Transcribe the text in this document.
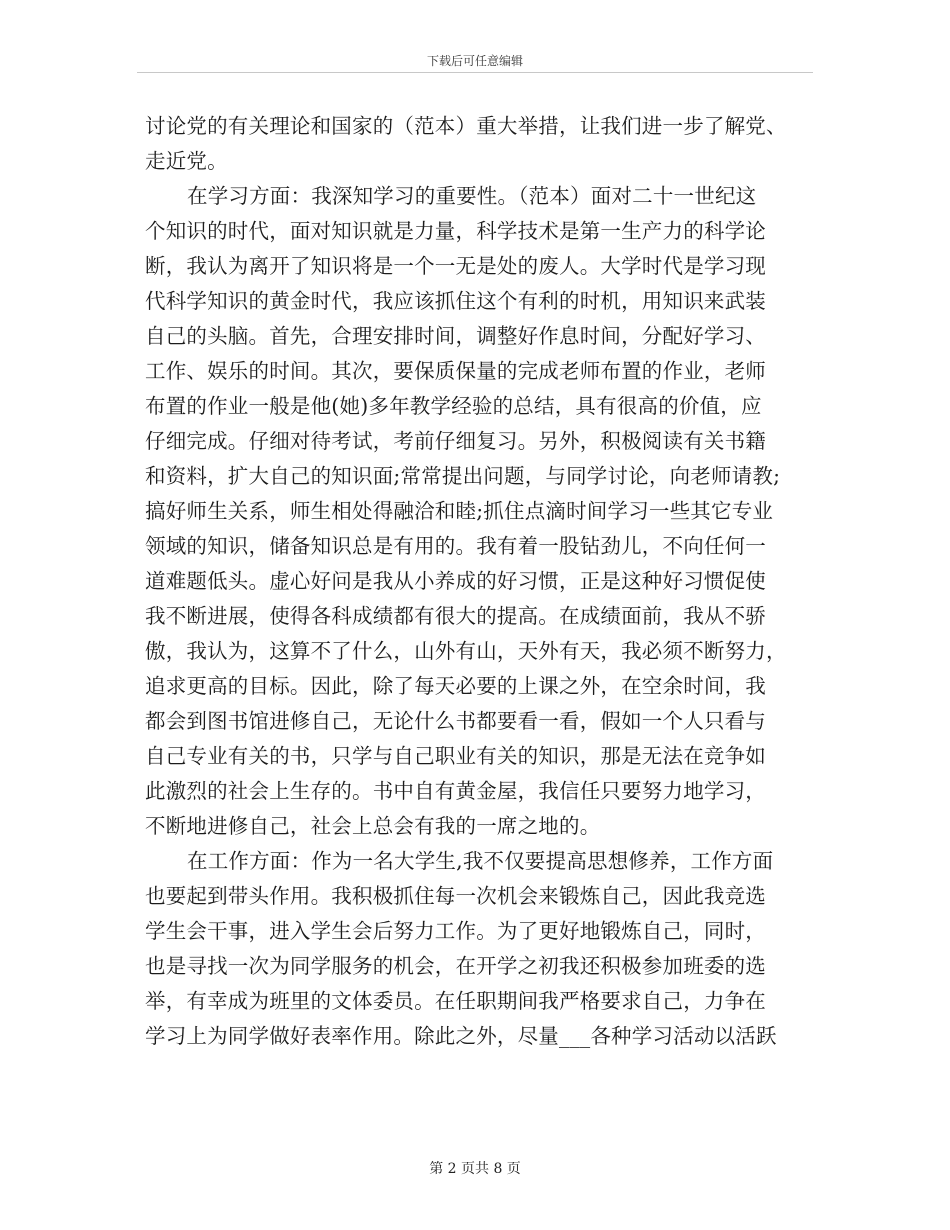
下载后可任意编辑
讨论党的有关理论和国家的（范本）重大举措，让我们进一步了解党、
走近党。
在学习方面：我深知学习的重要性。（范本）面对二十一世纪这
个知识的时代，面对知识就是力量，科学技术是第一生产力的科学论
断，我认为离开了知识将是一个一无是处的废人。大学时代是学习现
代科学知识的黄金时代，我应该抓住这个有利的时机，用知识来武装
自己的头脑。首先，合理安排时间，调整好作息时间，分配好学习、
工作、娱乐的时间。其次，要保质保量的完成老师布置的作业，老师
布置的作业一般是他(她)多年教学经验的总结，具有很高的价值，应
仔细完成。仔细对待考试，考前仔细复习。另外，积极阅读有关书籍
和资料，扩大自己的知识面;常常提出问题，与同学讨论，向老师请教;
搞好师生关系，师生相处得融洽和睦;抓住点滴时间学习一些其它专业
领域的知识，储备知识总是有用的。我有着一股钻劲儿，不向任何一
道难题低头。虚心好问是我从小养成的好习惯，正是这种好习惯促使
我不断进展，使得各科成绩都有很大的提高。在成绩面前，我从不骄
傲，我认为，这算不了什么，山外有山，天外有天，我必须不断努力，
追求更高的目标。因此，除了每天必要的上课之外，在空余时间，我
都会到图书馆进修自己，无论什么书都要看一看，假如一个人只看与
自己专业有关的书，只学与自己职业有关的知识，那是无法在竞争如
此激烈的社会上生存的。书中自有黄金屋，我信任只要努力地学习，
不断地进修自己，社会上总会有我的一席之地的。
在工作方面：作为一名大学生,我不仅要提高思想修养，工作方面
也要起到带头作用。我积极抓住每一次机会来锻炼自己，因此我竞选
学生会干事，进入学生会后努力工作。为了更好地锻炼自己，同时，
也是寻找一次为同学服务的机会，在开学之初我还积极参加班委的选
举，有幸成为班里的文体委员。在任职期间我严格要求自己，力争在
学习上为同学做好表率作用。除此之外，尽量___各种学习活动以活跃
第 2 页共 8 页
